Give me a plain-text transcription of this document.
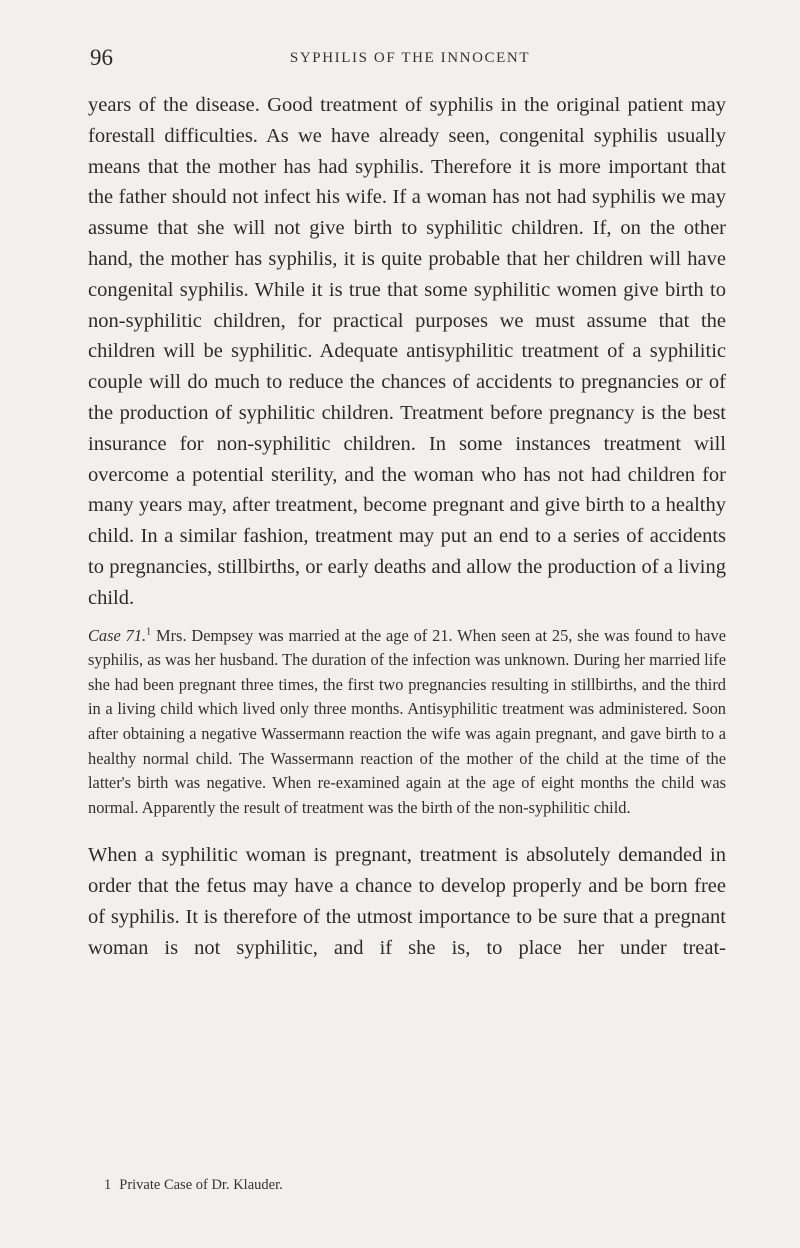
96	SYPHILIS OF THE INNOCENT

years of the disease. Good treatment of syphilis in the original patient may forestall difficulties. As we have already seen, congenital syphilis usually means that the mother has had syphilis. Therefore it is more important that the father should not infect his wife. If a woman has not had syphilis we may assume that she will not give birth to syphilitic children. If, on the other hand, the mother has syphilis, it is quite probable that her children will have congenital syphilis. While it is true that some syphilitic women give birth to non-syphilitic children, for practical purposes we must assume that the children will be syphilitic. Adequate antisyphilitic treatment of a syphilitic couple will do much to reduce the chances of accidents to pregnancies or of the production of syphilitic children. Treatment before pregnancy is the best insurance for non-syphilitic children. In some instances treatment will overcome a potential sterility, and the woman who has not had children for many years may, after treatment, become pregnant and give birth to a healthy child. In a similar fashion, treatment may put an end to a series of accidents to pregnancies, stillbirths, or early deaths and allow the production of a living child.

Case 71.$^1$ Mrs. Dempsey was married at the age of 21. When seen at 25, she was found to have syphilis, as was her husband. The duration of the infection was unknown. During her married life she had been pregnant three times, the first two pregnancies resulting in stillbirths, and the third in a living child which lived only three months. Antisyphilitic treatment was administered. Soon after obtaining a negative Wassermann reaction the wife was again pregnant, and gave birth to a healthy normal child. The Wassermann reaction of the mother of the child at the time of the latter's birth was negative. When re-examined again at the age of eight months the child was normal. Apparently the result of treatment was the birth of the non-syphilitic child.

When a syphilitic woman is pregnant, treatment is absolutely demanded in order that the fetus may have a chance to develop properly and be born free of syphilis. It is therefore of the utmost importance to be sure that a pregnant woman is not syphilitic, and if she is, to place her under treat-

1 Private Case of Dr. Klauder.
